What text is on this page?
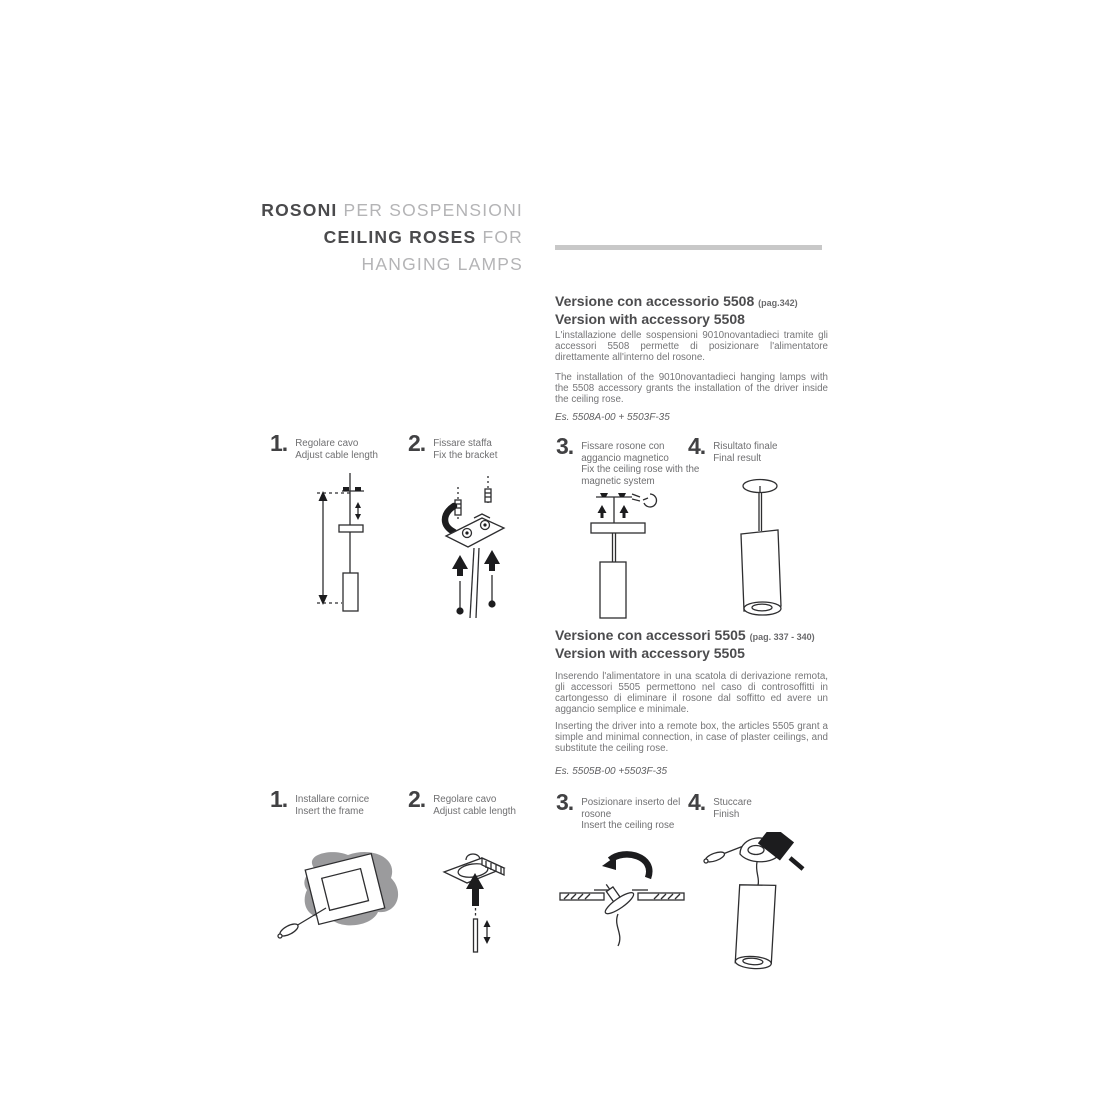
ROSONI PER SOSPENSIONI
CEILING ROSES FOR
HANGING LAMPS
Versione con accessorio 5508 (pag.342)
Version with accessory 5508
L'installazione delle sospensioni 9010novantadieci tramite gli accessori 5508 permette di posizionare l'alimentatore direttamente all'interno del rosone.
The installation of the 9010novantadieci hanging lamps with the 5508 accessory grants the installation of the driver inside the ceiling rose.
Es. 5508A-00 + 5503F-35
1. Regolare cavo
Adjust cable length	2. Fissare staffa
Fix the bracket	3. Fissare rosone con
aggancio magnetico
Fix the ceiling rose with the
magnetic system
4. Risultato finale
Final result
Versione con accessori 5505 (pag. 337 - 340)
Version with accessory 5505
Inserendo l'alimentatore in una scatola di derivazione remota, gli accessori 5505 permettono nel caso di controsoffitti in cartongesso di eliminare il rosone dal soffitto ed avere un aggancio semplice e minimale.
Inserting the driver into a remote box, the articles 5505 grant a simple and minimal connection, in case of plaster ceilings, and substitute the ceiling rose.
Es. 5505B-00 +5503F-35
1. Installare cornice
Insert the frame	2. Regolare cavo
Adjust cable length	3. Posizionare inserto del
rosone
Insert the ceiling rose
4. Stuccare
Finish
